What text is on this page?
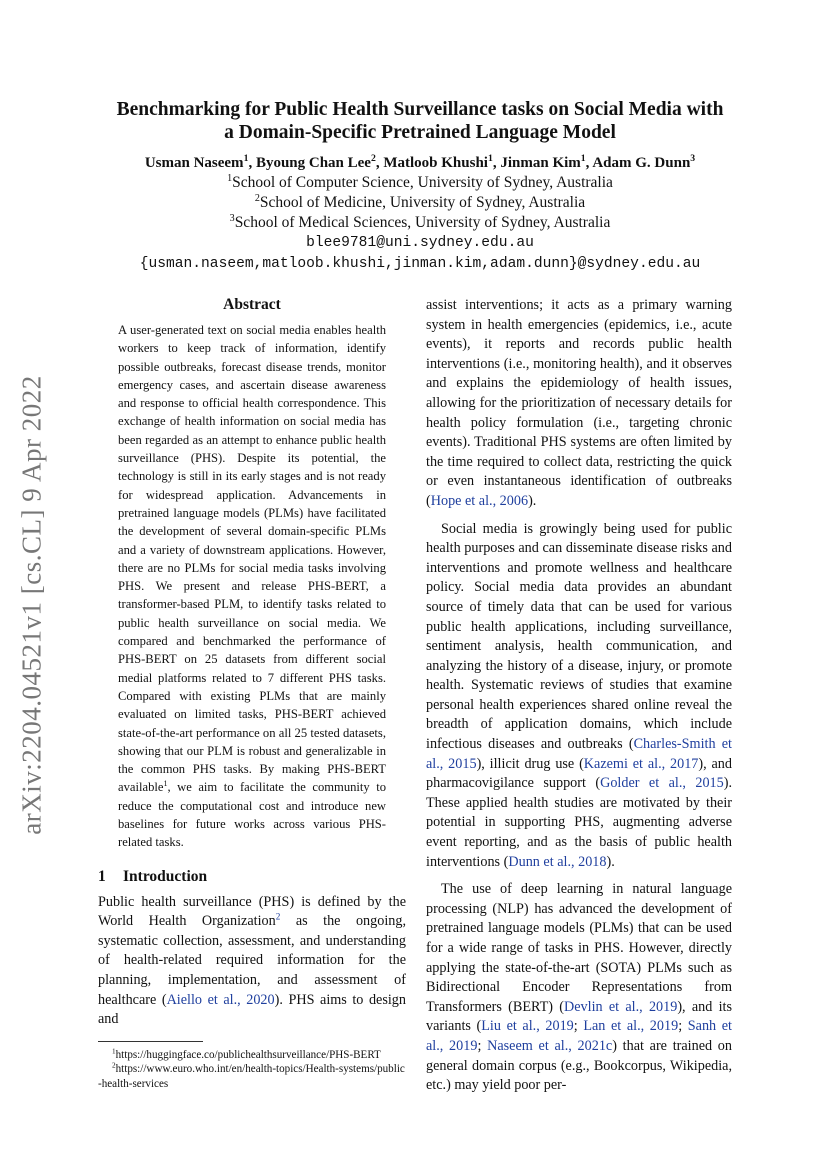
arXiv:2204.04521v1 [cs.CL] 9 Apr 2022

Benchmarking for Public Health Surveillance tasks on Social Media with
a Domain-Specific Pretrained Language Model

Usman Naseem$^1$, Byoung Chan Lee$^2$, Matloob Khushi$^1$, Jinman Kim$^1$, Adam G. Dunn$^3$
$^1$School of Computer Science, University of Sydney, Australia
$^2$School of Medicine, University of Sydney, Australia
$^3$School of Medical Sciences, University of Sydney, Australia
blee9781@uni.sydney.edu.au
{usman.naseem,matloob.khushi,jinman.kim,adam.dunn}@sydney.edu.au

Abstract

A user-generated text on social media enables health workers to keep track of information, identify possible outbreaks, forecast disease trends, monitor emergency cases, and ascertain disease awareness and response to official health correspondence. This exchange of health information on social media has been regarded as an attempt to enhance public health surveillance (PHS). Despite its potential, the technology is still in its early stages and is not ready for widespread application. Advancements in pretrained language models (PLMs) have facilitated the development of several domain-specific PLMs and a variety of downstream applications. However, there are no PLMs for social media tasks involving PHS. We present and release PHS-BERT, a transformer-based PLM, to identify tasks related to public health surveillance on social media. We compared and benchmarked the performance of PHS-BERT on 25 datasets from different social medial platforms related to 7 different PHS tasks. Compared with existing PLMs that are mainly evaluated on limited tasks, PHS-BERT achieved state-of-the-art performance on all 25 tested datasets, showing that our PLM is robust and generalizable in the common PHS tasks. By making PHS-BERT available$^1$, we aim to facilitate the community to reduce the computational cost and introduce new baselines for future works across various PHS-related tasks.

1 Introduction

Public health surveillance (PHS) is defined by the World Health Organization$^2$ as the ongoing, systematic collection, assessment, and understanding of health-related required information for the planning, implementation, and assessment of healthcare (Aiello et al., 2020). PHS aims to design and

$^1$https://huggingface.co/publichealthsurveillance/PHS-BERT

$^2$https://www.euro.who.int/en/health-topics/Health-systems/public-health-services

assist interventions; it acts as a primary warning system in health emergencies (epidemics, i.e., acute events), it reports and records public health interventions (i.e., monitoring health), and it observes and explains the epidemiology of health issues, allowing for the prioritization of necessary details for health policy formulation (i.e., targeting chronic events). Traditional PHS systems are often limited by the time required to collect data, restricting the quick or even instantaneous identification of outbreaks (Hope et al., 2006).

Social media is growingly being used for public health purposes and can disseminate disease risks and interventions and promote wellness and healthcare policy. Social media data provides an abundant source of timely data that can be used for various public health applications, including surveillance, sentiment analysis, health communication, and analyzing the history of a disease, injury, or promote health. Systematic reviews of studies that examine personal health experiences shared online reveal the breadth of application domains, which include infectious diseases and outbreaks (Charles-Smith et al., 2015), illicit drug use (Kazemi et al., 2017), and pharmacovigilance support (Golder et al., 2015). These applied health studies are motivated by their potential in supporting PHS, augmenting adverse event reporting, and as the basis of public health interventions (Dunn et al., 2018).

The use of deep learning in natural language processing (NLP) has advanced the development of pretrained language models (PLMs) that can be used for a wide range of tasks in PHS. However, directly applying the state-of-the-art (SOTA) PLMs such as Bidirectional Encoder Representations from Transformers (BERT) (Devlin et al., 2019), and its variants (Liu et al., 2019; Lan et al., 2019; Sanh et al., 2019; Naseem et al., 2021c) that are trained on general domain corpus (e.g., Bookcorpus, Wikipedia, etc.) may yield poor per-
